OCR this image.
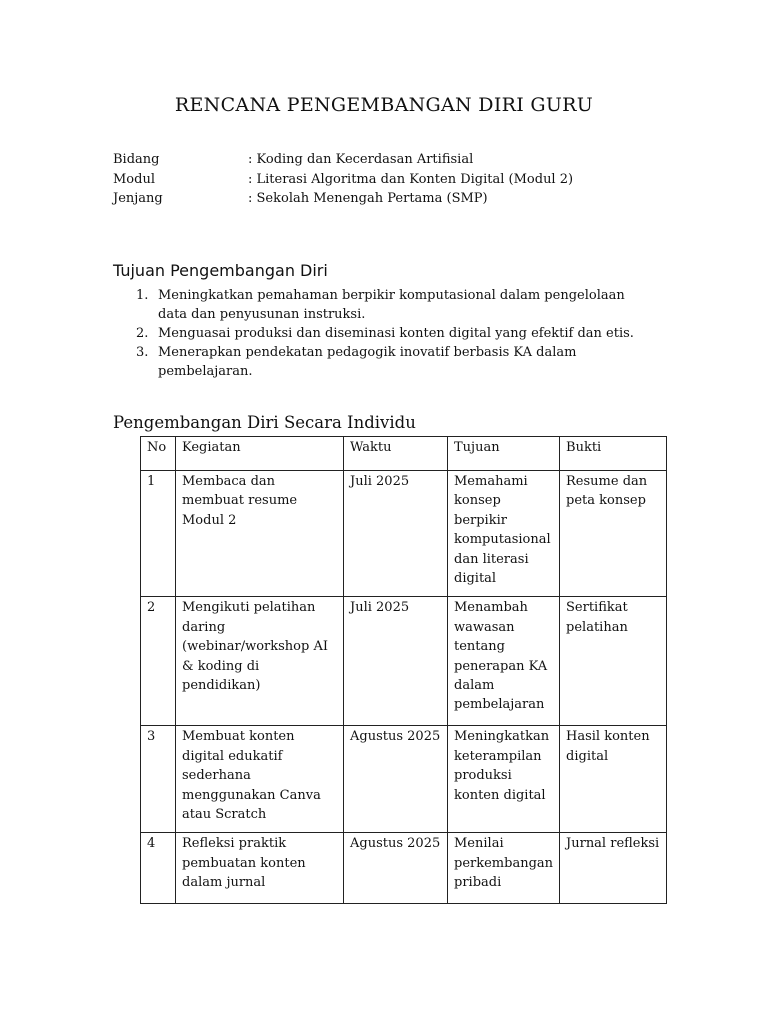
RENCANA PENGEMBANGAN DIRI GURU
Bidang	: Koding dan Kecerdasan Artifisial
Modul	: Literasi Algoritma dan Konten Digital (Modul 2)
Jenjang	: Sekolah Menengah Pertama (SMP)
Tujuan Pengembangan Diri
1. Meningkatkan pemahaman berpikir komputasional dalam pengelolaan data dan penyusunan instruksi.
2. Menguasai produksi dan diseminasi konten digital yang efektif dan etis.
3. Menerapkan pendekatan pedagogik inovatif berbasis KA dalam pembelajaran.
Pengembangan Diri Secara Individu
No	Kegiatan	Waktu	Tujuan	Bukti
1	Membaca dan membuat resume Modul 2	Juli 2025	Memahami konsep berpikir komputasional dan literasi digital	Resume dan peta konsep
2	Mengikuti pelatihan daring (webinar/workshop AI & koding di pendidikan)	Juli 2025	Menambah wawasan tentang penerapan KA dalam pembelajaran	Sertifikat pelatihan
3	Membuat konten digital edukatif sederhana menggunakan Canva atau Scratch	Agustus 2025	Meningkatkan keterampilan produksi konten digital	Hasil konten digital
4	Refleksi praktik pembuatan konten dalam jurnal	Agustus 2025	Menilai perkembangan pribadi	Jurnal refleksi
